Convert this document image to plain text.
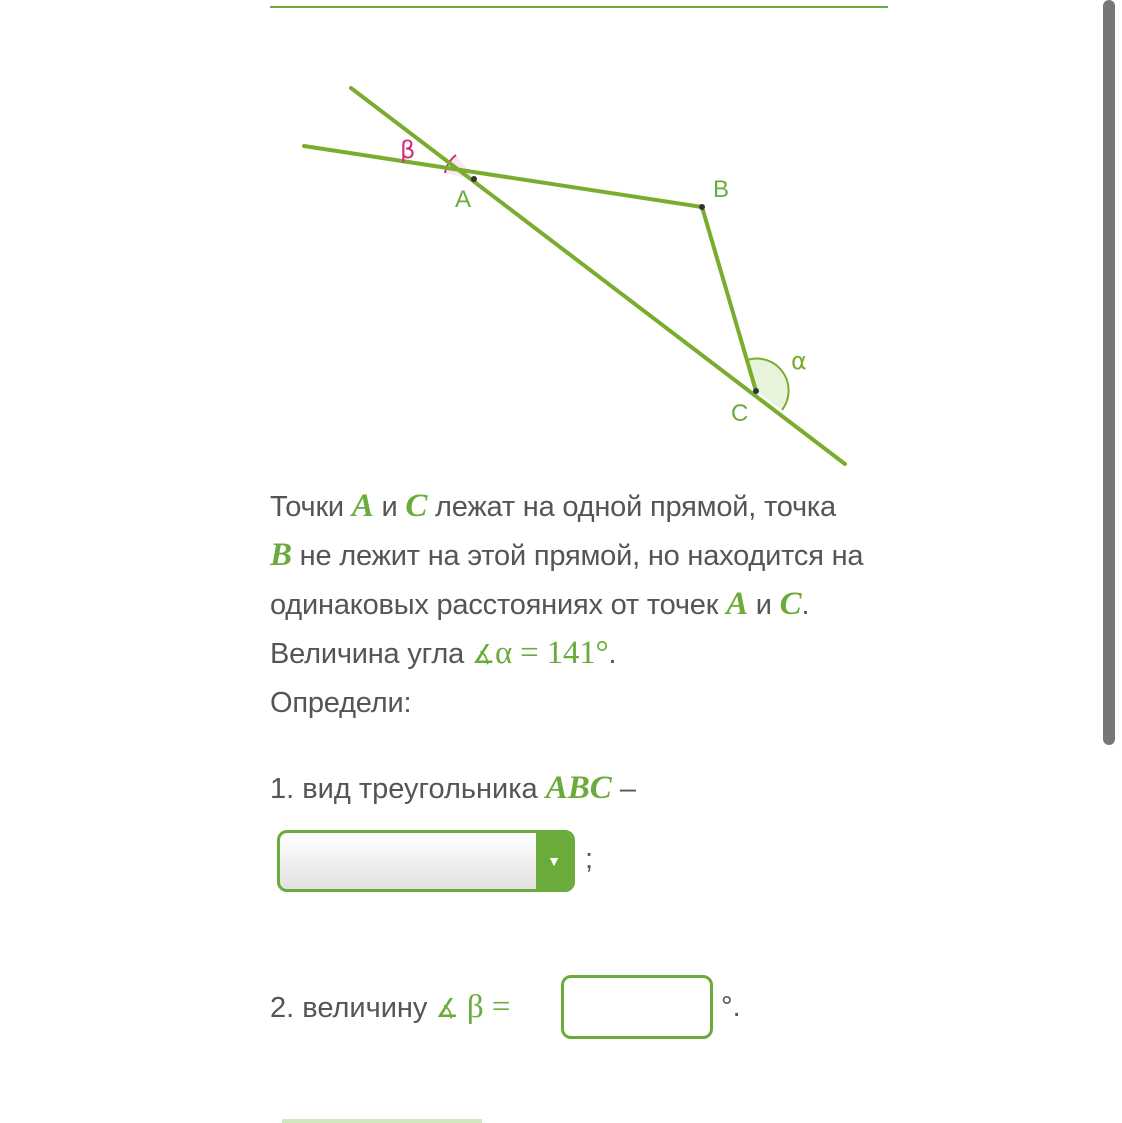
A	B
C
β
α
Точки A и C лежат на одной прямой, точка
B не лежит на этой прямой, но находится на
одинаковых расстояниях от точек A и C.
Величина угла ∡α = 141°.
Определи:
1. вид треугольника ABC –
▼ ;
2. величину ∡ β =	°.
